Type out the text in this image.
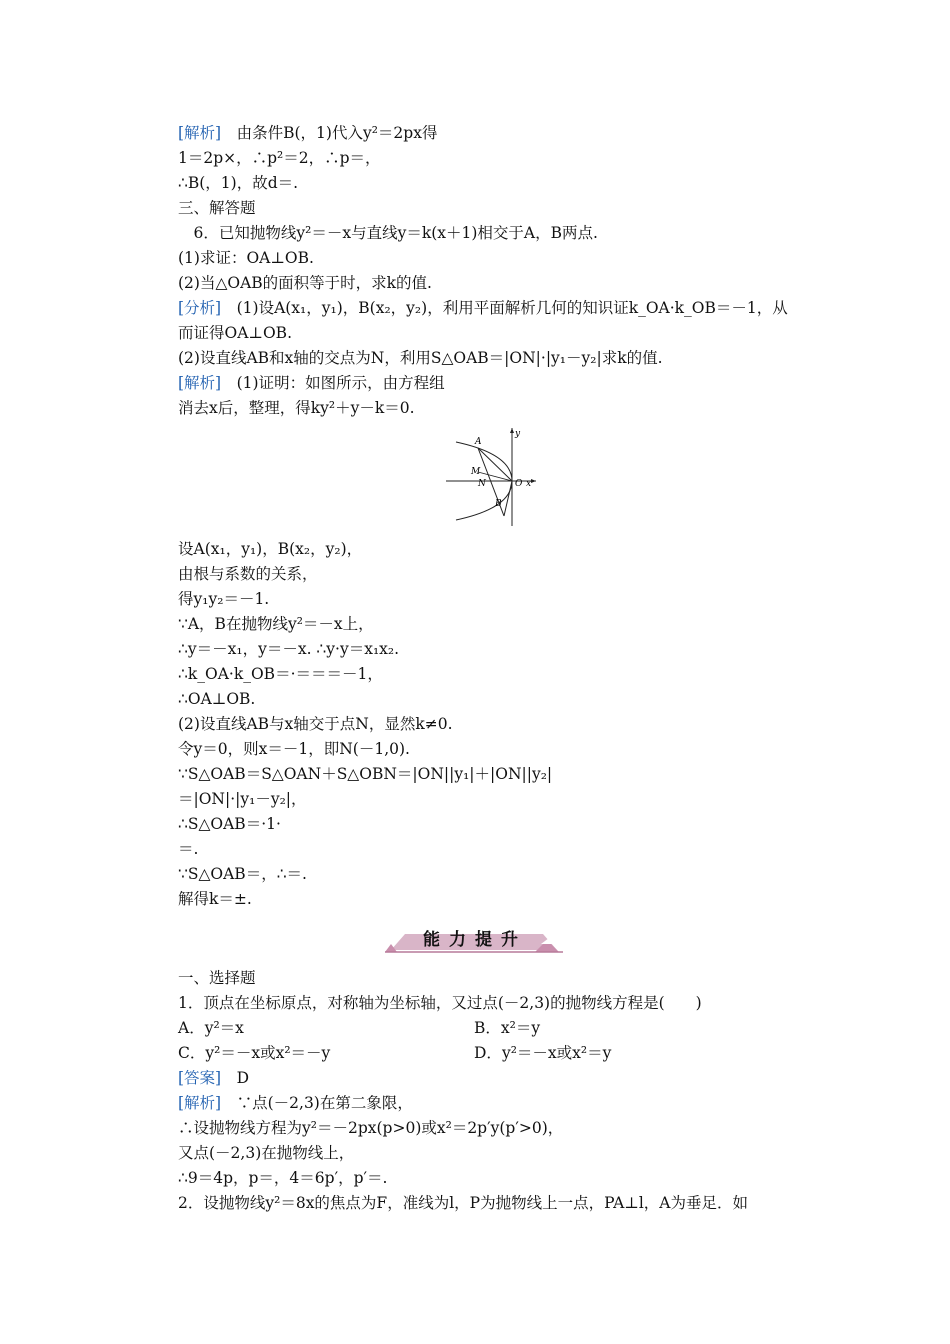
[解析]　由条件B(，1)代入y²＝2px得
1＝2p×，∴p²＝2，∴p＝，
∴B(，1)，故d＝.
三、解答题
　6．已知抛物线y²＝－x与直线y＝k(x＋1)相交于A，B两点.
(1)求证：OA⊥OB.
(2)当△OAB的面积等于时，求k的值.
[分析]　(1)设A(x₁，y₁)，B(x₂，y₂)，利用平面解析几何的知识证k_OA·k_OB＝－1，从
而证得OA⊥OB.
(2)设直线AB和x轴的交点为N，利用S△OAB＝|ON|·|y₁－y₂|求k的值.
[解析]　(1)证明：如图所示，由方程组
消去x后，整理，得ky²＋y－k＝0.
y
A
M
N	O x
B
设A(x₁，y₁)，B(x₂，y₂)，
由根与系数的关系，
得y₁y₂＝－1.
∵A，B在抛物线y²＝－x上，
∴y＝－x₁，y＝－x. ∴y·y＝x₁x₂.
∴k_OA·k_OB＝·＝＝＝－1，
∴OA⊥OB.
(2)设直线AB与x轴交于点N，显然k≠0.
令y＝0，则x＝－1，即N(－1,0).
∵S△OAB＝S△OAN＋S△OBN＝|ON||y₁|＋|ON||y₂|
＝|ON|·|y₁－y₂|，
∴S△OAB＝·1·
＝.
∵S△OAB＝，∴＝.
解得k＝±.
能力提升
一、选择题
1．顶点在坐标原点，对称轴为坐标轴，又过点(－2,3)的抛物线方程是(　　)
A．y²＝x	B．x²＝y
C．y²＝－x或x²＝－y	D．y²＝－x或x²＝y
[答案]　D
[解析]　∵点(－2,3)在第二象限，
∴设抛物线方程为y²＝－2px(p>0)或x²＝2p′y(p′>0)，
又点(－2,3)在抛物线上，
∴9＝4p，p＝，4＝6p′，p′＝.
2．设抛物线y²＝8x的焦点为F，准线为l，P为抛物线上一点，PA⊥l，A为垂足．如
